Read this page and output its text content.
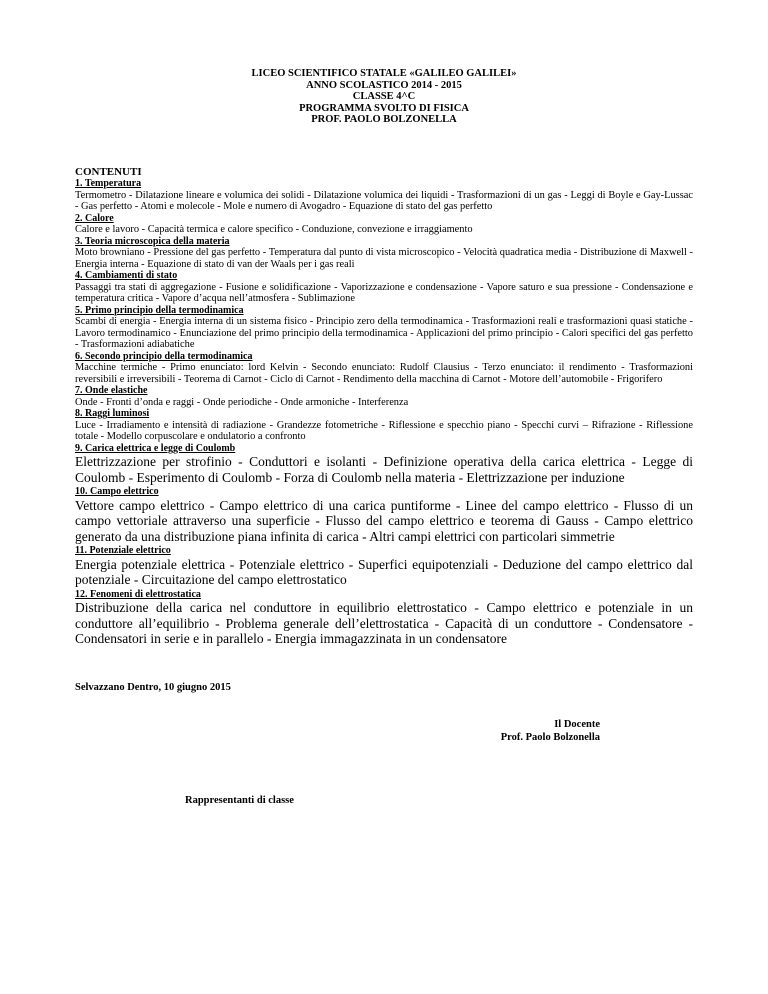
LICEO SCIENTIFICO STATALE «GALILEO GALILEI»
ANNO SCOLASTICO 2014 - 2015
CLASSE 4^C
PROGRAMMA SVOLTO DI FISICA
PROF. PAOLO BOLZONELLA

CONTENUTI

1. Temperatura

Termometro - Dilatazione lineare e volumica dei solidi - Dilatazione volumica dei liquidi - Trasformazioni di un gas - Leggi di Boyle e Gay-Lussac - Gas perfetto - Atomi e molecole - Mole e numero di Avogadro - Equazione di stato del gas perfetto

2. Calore

Calore e lavoro - Capacità termica e calore specifico - Conduzione, convezione e irraggiamento

3. Teoria microscopica della materia

Moto browniano - Pressione del gas perfetto - Temperatura dal punto di vista microscopico - Velocità quadratica media - Distribuzione di Maxwell - Energia interna - Equazione di stato di van der Waals per i gas reali

4. Cambiamenti di stato

Passaggi tra stati di aggregazione - Fusione e solidificazione - Vaporizzazione e condensazione - Vapore saturo e sua pressione - Condensazione e temperatura critica - Vapore d’acqua nell’atmosfera - Sublimazione

5. Primo principio della termodinamica

Scambi di energia - Energia interna di un sistema fisico - Principio zero della termodinamica - Trasformazioni reali e trasformazioni quasi statiche - Lavoro termodinamico - Enunciazione del primo principio della termodinamica - Applicazioni del primo principio - Calori specifici del gas perfetto - Trasformazioni adiabatiche

6. Secondo principio della termodinamica

Macchine termiche - Primo enunciato: lord Kelvin - Secondo enunciato: Rudolf Clausius - Terzo enunciato: il rendimento - Trasformazioni reversibili e irreversibili - Teorema di Carnot - Ciclo di Carnot - Rendimento della macchina di Carnot - Motore dell’automobile - Frigorifero

7. Onde elastiche

Onde - Fronti d’onda e raggi - Onde periodiche - Onde armoniche - Interferenza

8. Raggi luminosi

Luce - Irradiamento e intensità di radiazione - Grandezze fotometriche - Riflessione e specchio piano - Specchi curvi – Rifrazione - Riflessione totale - Modello corpuscolare e ondulatorio a confronto

9. Carica elettrica e legge di Coulomb

Elettrizzazione per strofinio - Conduttori e isolanti - Definizione operativa della carica elettrica - Legge di Coulomb - Esperimento di Coulomb - Forza di Coulomb nella materia - Elettrizzazione per induzione

10. Campo elettrico

Vettore campo elettrico - Campo elettrico di una carica puntiforme - Linee del campo elettrico - Flusso di un campo vettoriale attraverso una superficie - Flusso del campo elettrico e teorema di Gauss - Campo elettrico generato da una distribuzione piana infinita di carica - Altri campi elettrici con particolari simmetrie

11. Potenziale elettrico

Energia potenziale elettrica - Potenziale elettrico - Superfici equipotenziali - Deduzione del campo elettrico dal potenziale - Circuitazione del campo elettrostatico

12. Fenomeni di elettrostatica

Distribuzione della carica nel conduttore in equilibrio elettrostatico - Campo elettrico e potenziale in un conduttore all’equilibrio - Problema generale dell’elettrostatica - Capacità di un conduttore - Condensatore - Condensatori in serie e in parallelo - Energia immagazzinata in un condensatore

Selvazzano Dentro, 10 giugno 2015
Il Docente
Prof. Paolo Bolzonella
Rappresentanti di classe
